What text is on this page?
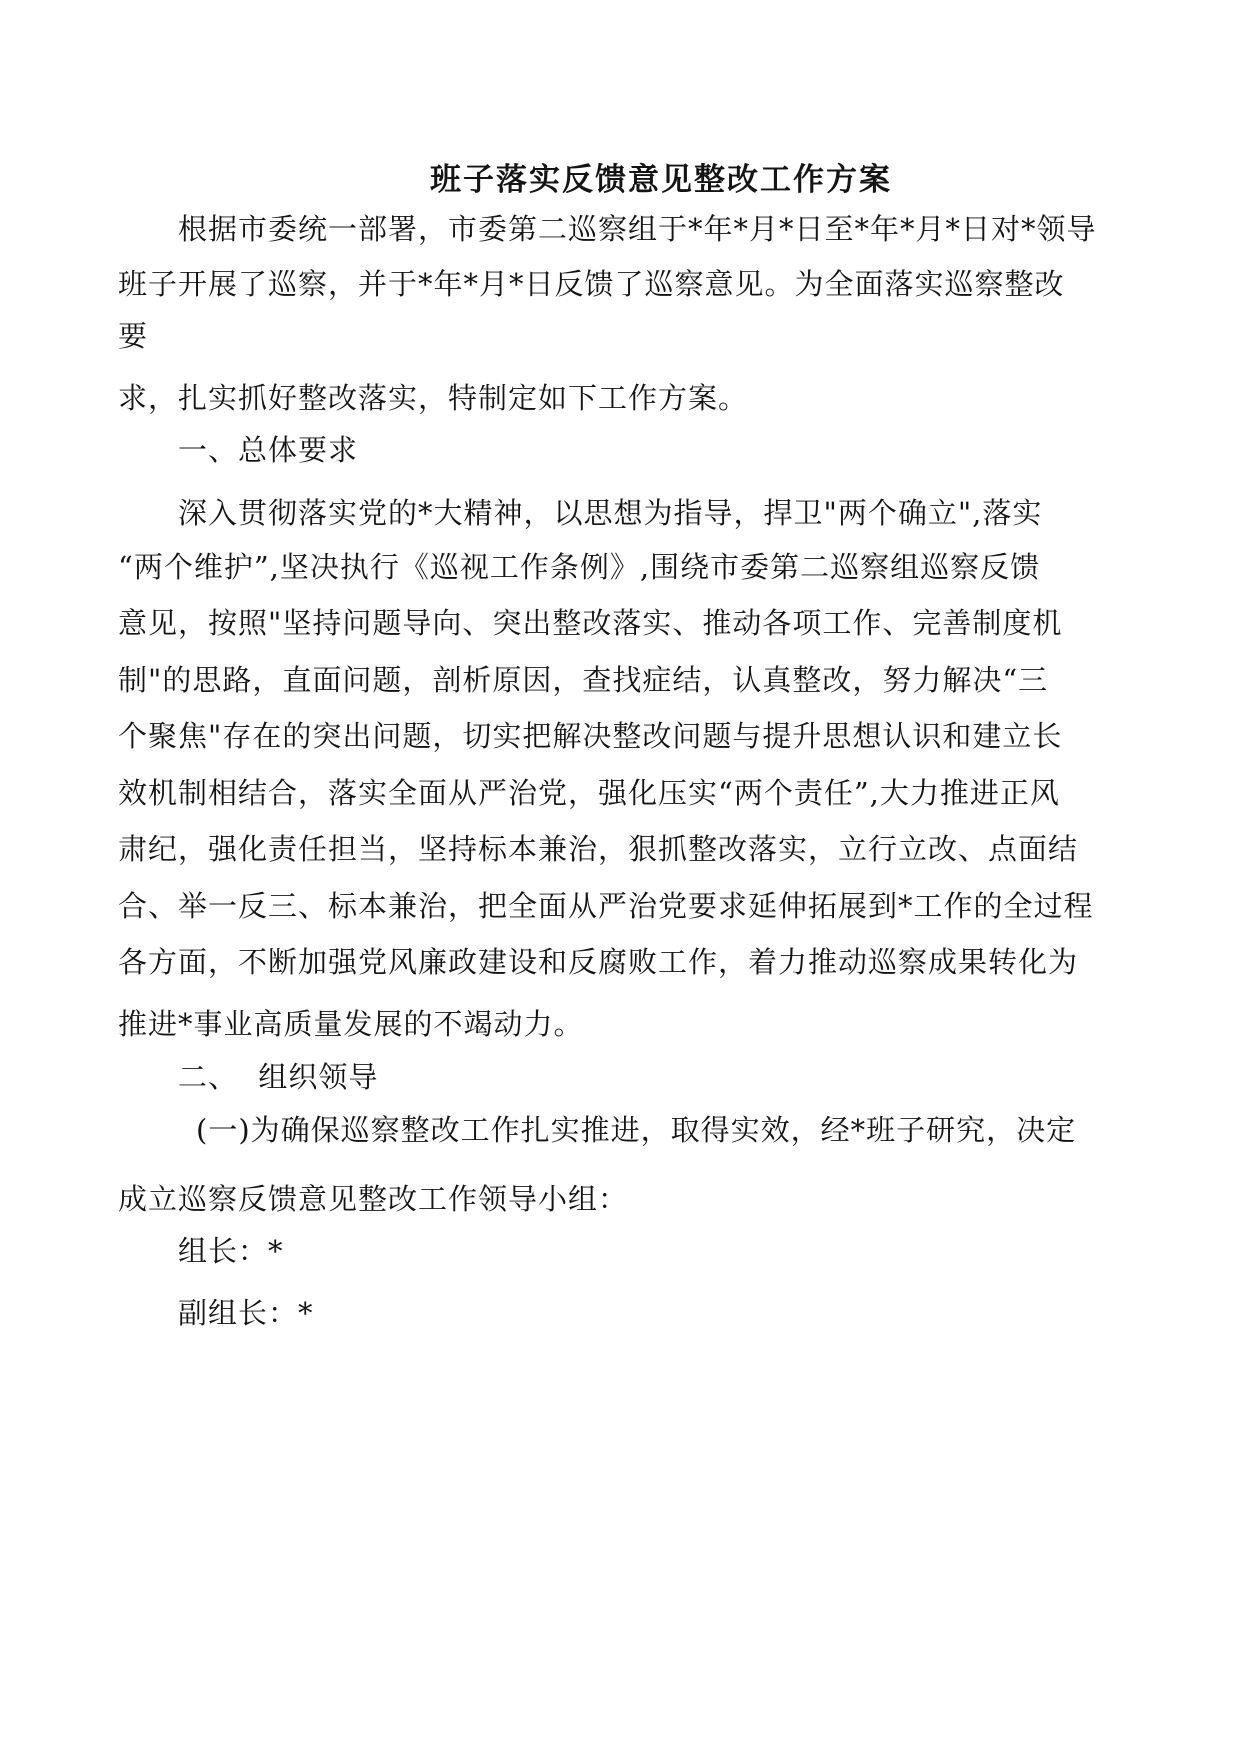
班子落实反馈意见整改工作方案
根据市委统一部署，市委第二巡察组于*年*月*日至*年*月*日对*领导
班子开展了巡察，并于*年*月*日反馈了巡察意见。为全面落实巡察整改
要
求，扎实抓好整改落实，特制定如下工作方案。
一、总体要求
深入贯彻落实党的*大精神，以思想为指导，捍卫"两个确立",落实
“两个维护”,坚决执行《巡视工作条例》,围绕市委第二巡察组巡察反馈
意见，按照"坚持问题导向、突出整改落实、推动各项工作、完善制度机
制"的思路，直面问题，剖析原因，查找症结，认真整改，努力解决“三
个聚焦"存在的突出问题，切实把解决整改问题与提升思想认识和建立长
效机制相结合，落实全面从严治党，强化压实“两个责任”,大力推进正风
肃纪，强化责任担当，坚持标本兼治，狠抓整改落实，立行立改、点面结
合、举一反三、标本兼治，把全面从严治党要求延伸拓展到*工作的全过程
各方面，不断加强党风廉政建设和反腐败工作，着力推动巡察成果转化为
推进*事业高质量发展的不竭动力。
二、  组织领导
(一)为确保巡察整改工作扎实推进，取得实效，经*班子研究，决定
成立巡察反馈意见整改工作领导小组：
组长：*
副组长：*
